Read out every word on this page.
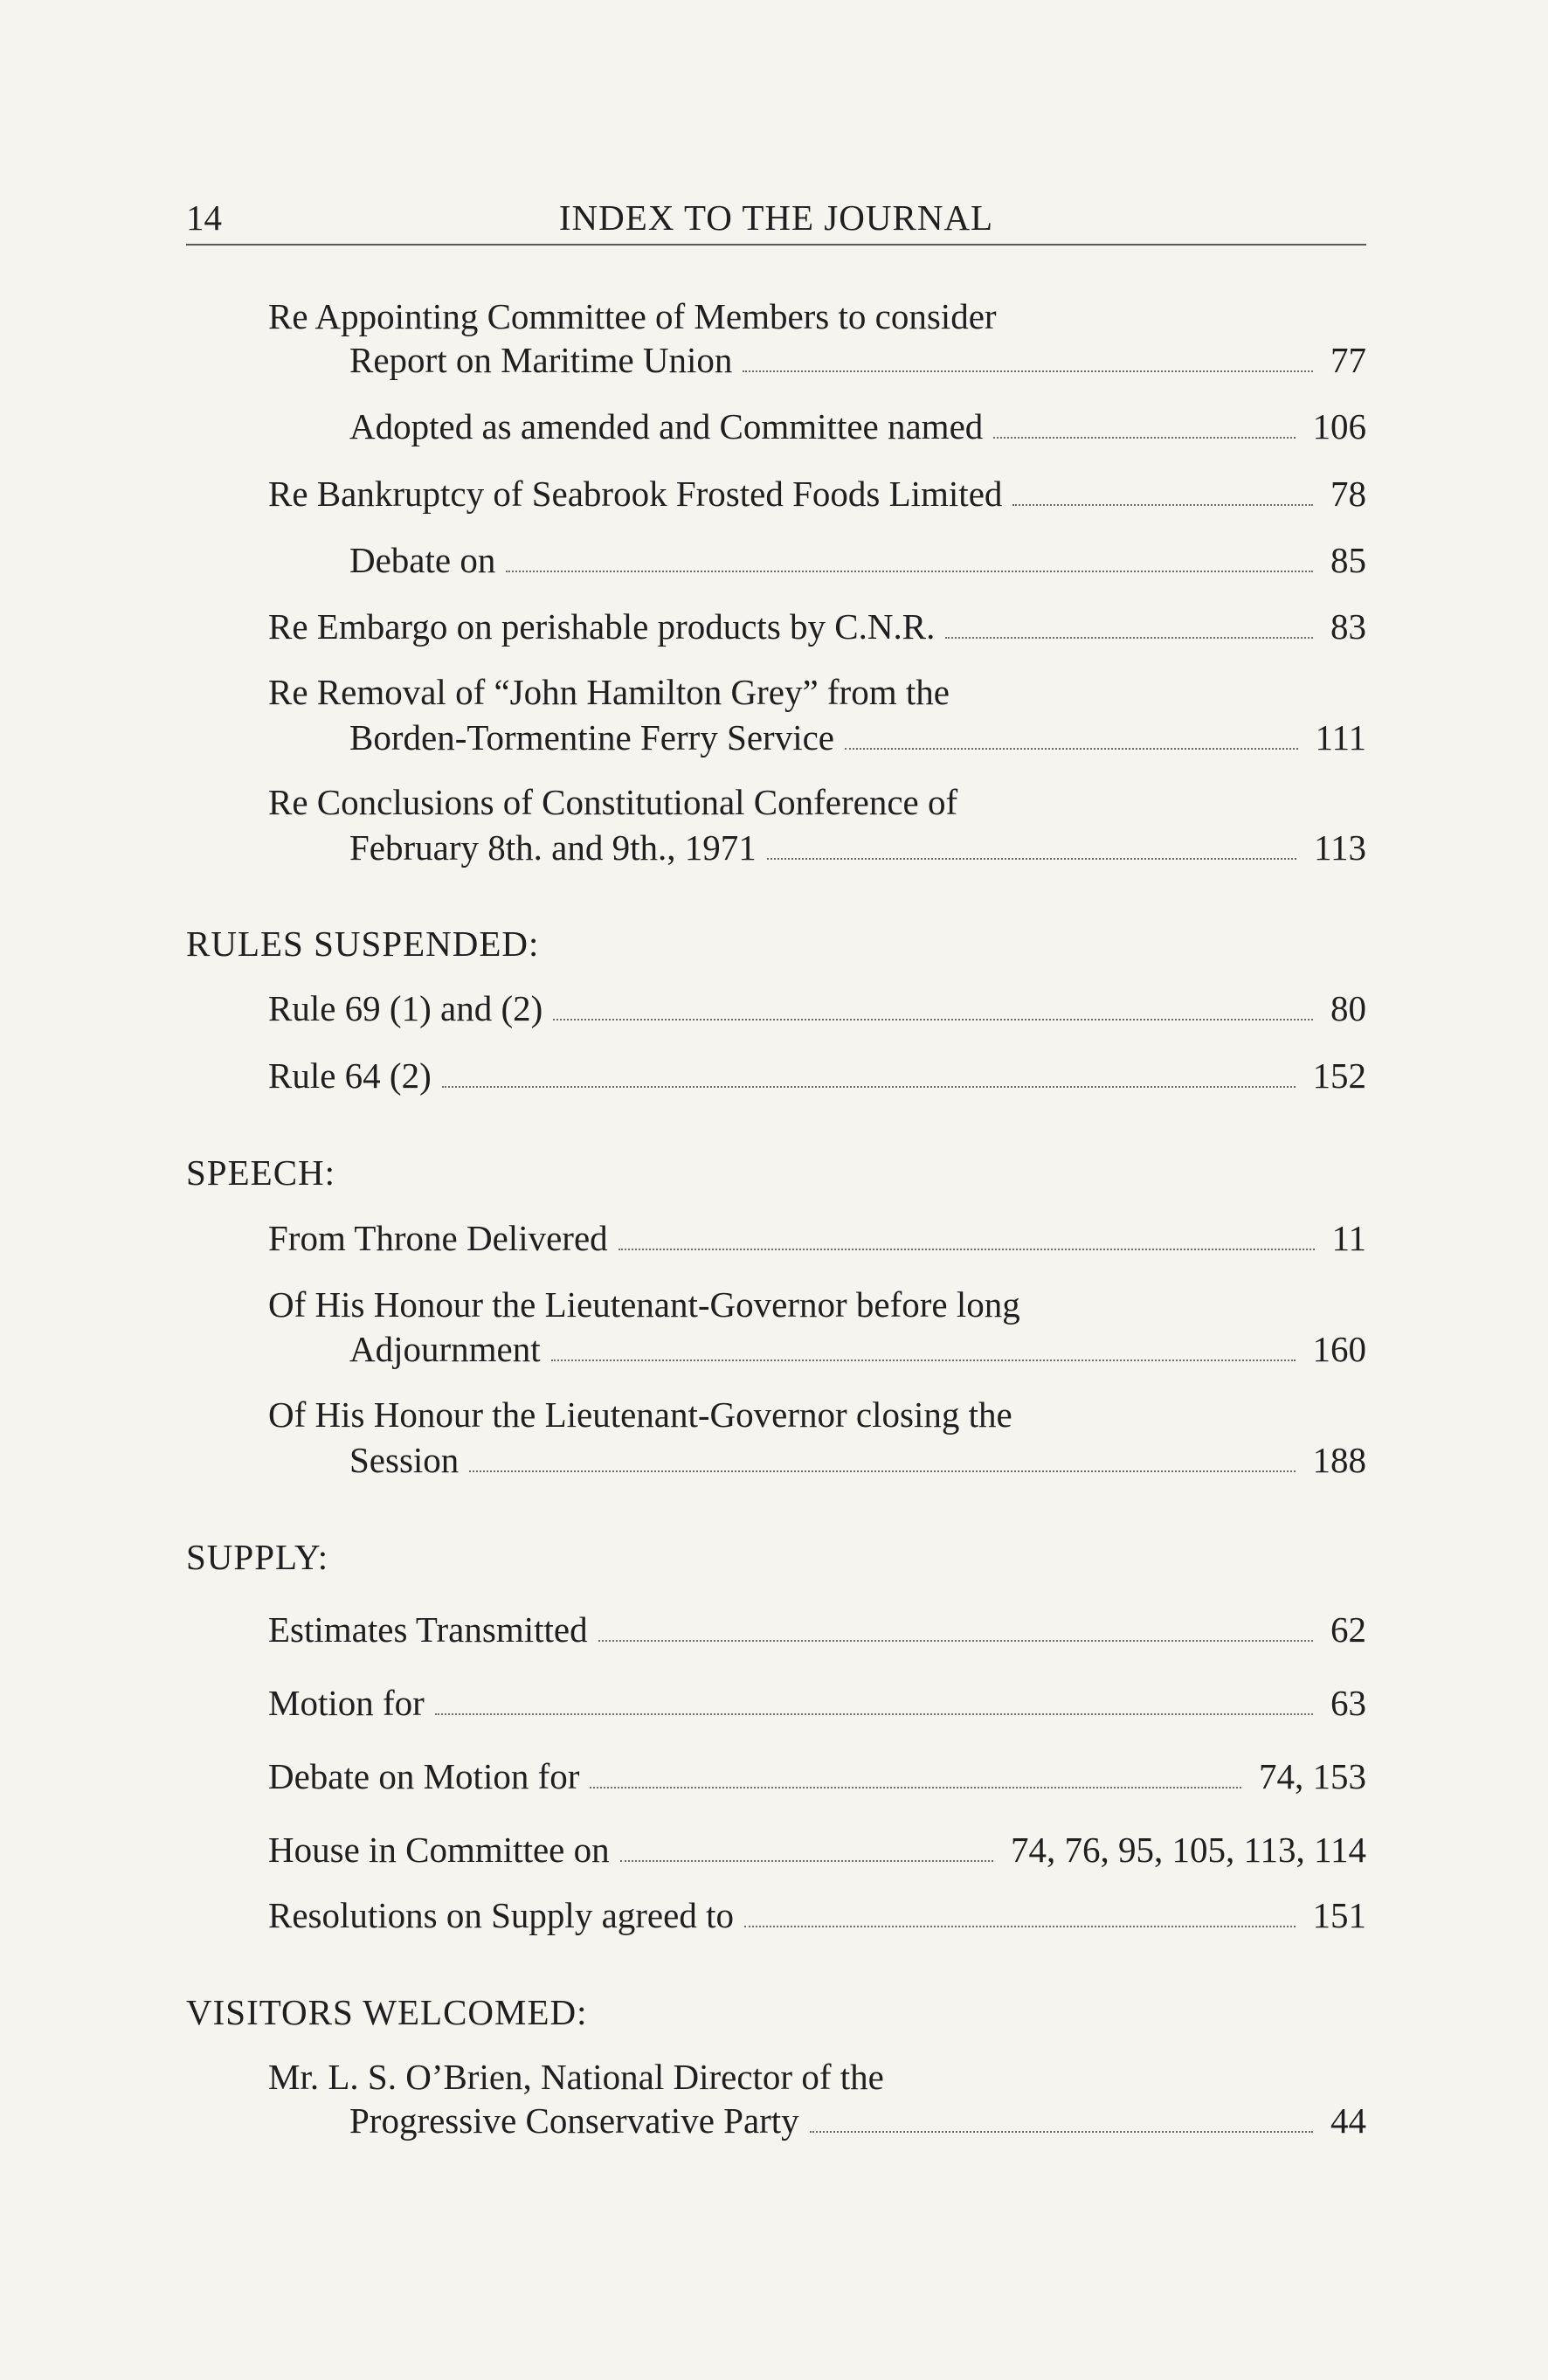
14	INDEX TO THE JOURNAL
Re Appointing Committee of Members to consider
Report on Maritime Union	77
Adopted as amended and Committee named	106
Re Bankruptcy of Seabrook Frosted Foods Limited	78
Debate on	85
Re Embargo on perishable products by C.N.R.	83
Re Removal of “John Hamilton Grey” from the
Borden-Tormentine Ferry Service	111
Re Conclusions of Constitutional Conference of
February 8th. and 9th., 1971	113
RULES SUSPENDED:
Rule 69 (1) and (2)	80
Rule 64 (2)	152
SPEECH:
From Throne Delivered	11
Of His Honour the Lieutenant-Governor before long
Adjournment	160
Of His Honour the Lieutenant-Governor closing the
Session	188
SUPPLY:
Estimates Transmitted	62
Motion for	63
Debate on Motion for	74, 153
House in Committee on	74, 76, 95, 105, 113, 114
Resolutions on Supply agreed to	151
VISITORS WELCOMED:
Mr. L. S. O’Brien, National Director of the
Progressive Conservative Party	44
